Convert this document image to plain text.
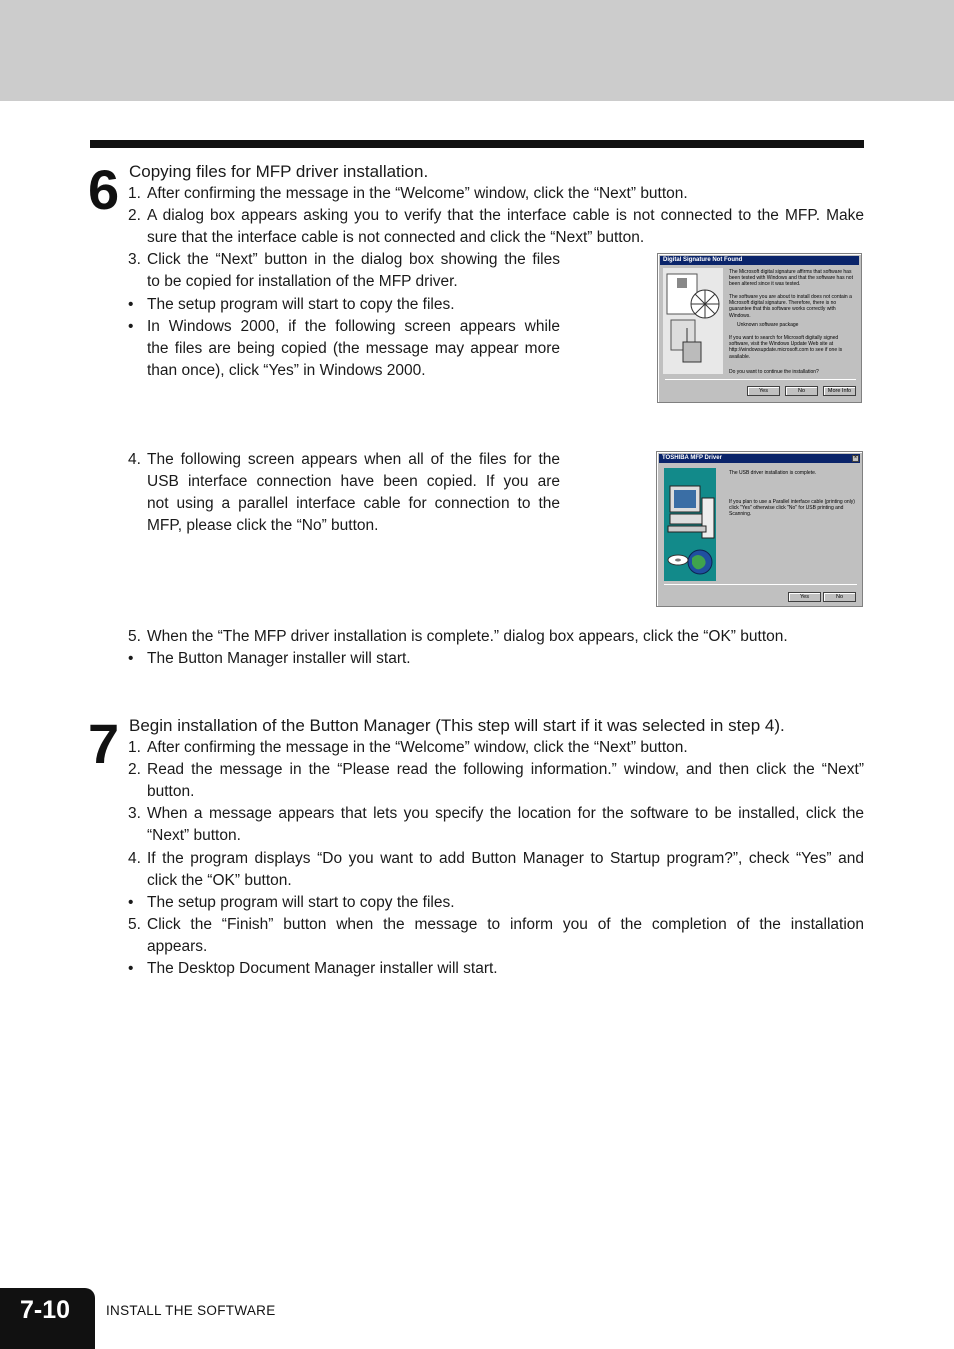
6 Copying files for MFP driver installation.
1. After confirming the message in the “Welcome” window, click the “Next” button.
2. A dialog box appears asking you to verify that the interface cable is not connected to the MFP. Make
sure that the interface cable is not connected and click the “Next” button.
3. Click the “Next” button in the dialog box showing the files
to be copied for installation of the MFP driver.
• The setup program will start to copy the files.
• In Windows 2000, if the following screen appears while
the files are being copied (the message may appear more
than once), click “Yes” in Windows 2000.
Digital Signature Not Found
The Microsoft digital signature affirms that software has been tested with Windows and that the software has not been altered since it was tested.
The software you are about to install does not contain a Microsoft digital signature. Therefore, there is no guarantee that this software works correctly with Windows.
Unknown software package
If you want to search for Microsoft digitally signed software, visit the Windows Update Web site at http://windowsupdate.microsoft.com to see if one is available.
Do you want to continue the installation?
Yes	No	More Info
4. The following screen appears when all of the files for the
USB interface connection have been copied. If you are
not using a parallel interface cable for connection to the
MFP, please click the “No” button.
TOSHIBA MFP Driver	×
The USB driver installation is complete.
If you plan to use a Parallel interface cable (printing only) click "Yes" otherwise click "No" for USB printing and Scanning.
Yes	No
5. When the “The MFP driver installation is complete.” dialog box appears, click the “OK” button.
• The Button Manager installer will start.
7 Begin installation of the Button Manager (This step will start if it was selected in step 4).
1. After confirming the message in the “Welcome” window, click the “Next” button.
2. Read the message in the “Please read the following information.” window, and then click the “Next”
button.
3. When a message appears that lets you specify the location for the software to be installed, click the
“Next” button.
4. If the program displays “Do you want to add Button Manager to Startup program?”, check “Yes” and
click the “OK” button.
• The setup program will start to copy the files.
5. Click the “Finish” button when the message to inform you of the completion of the installation
appears.
• The Desktop Document Manager installer will start.
7-10	INSTALL THE SOFTWARE
